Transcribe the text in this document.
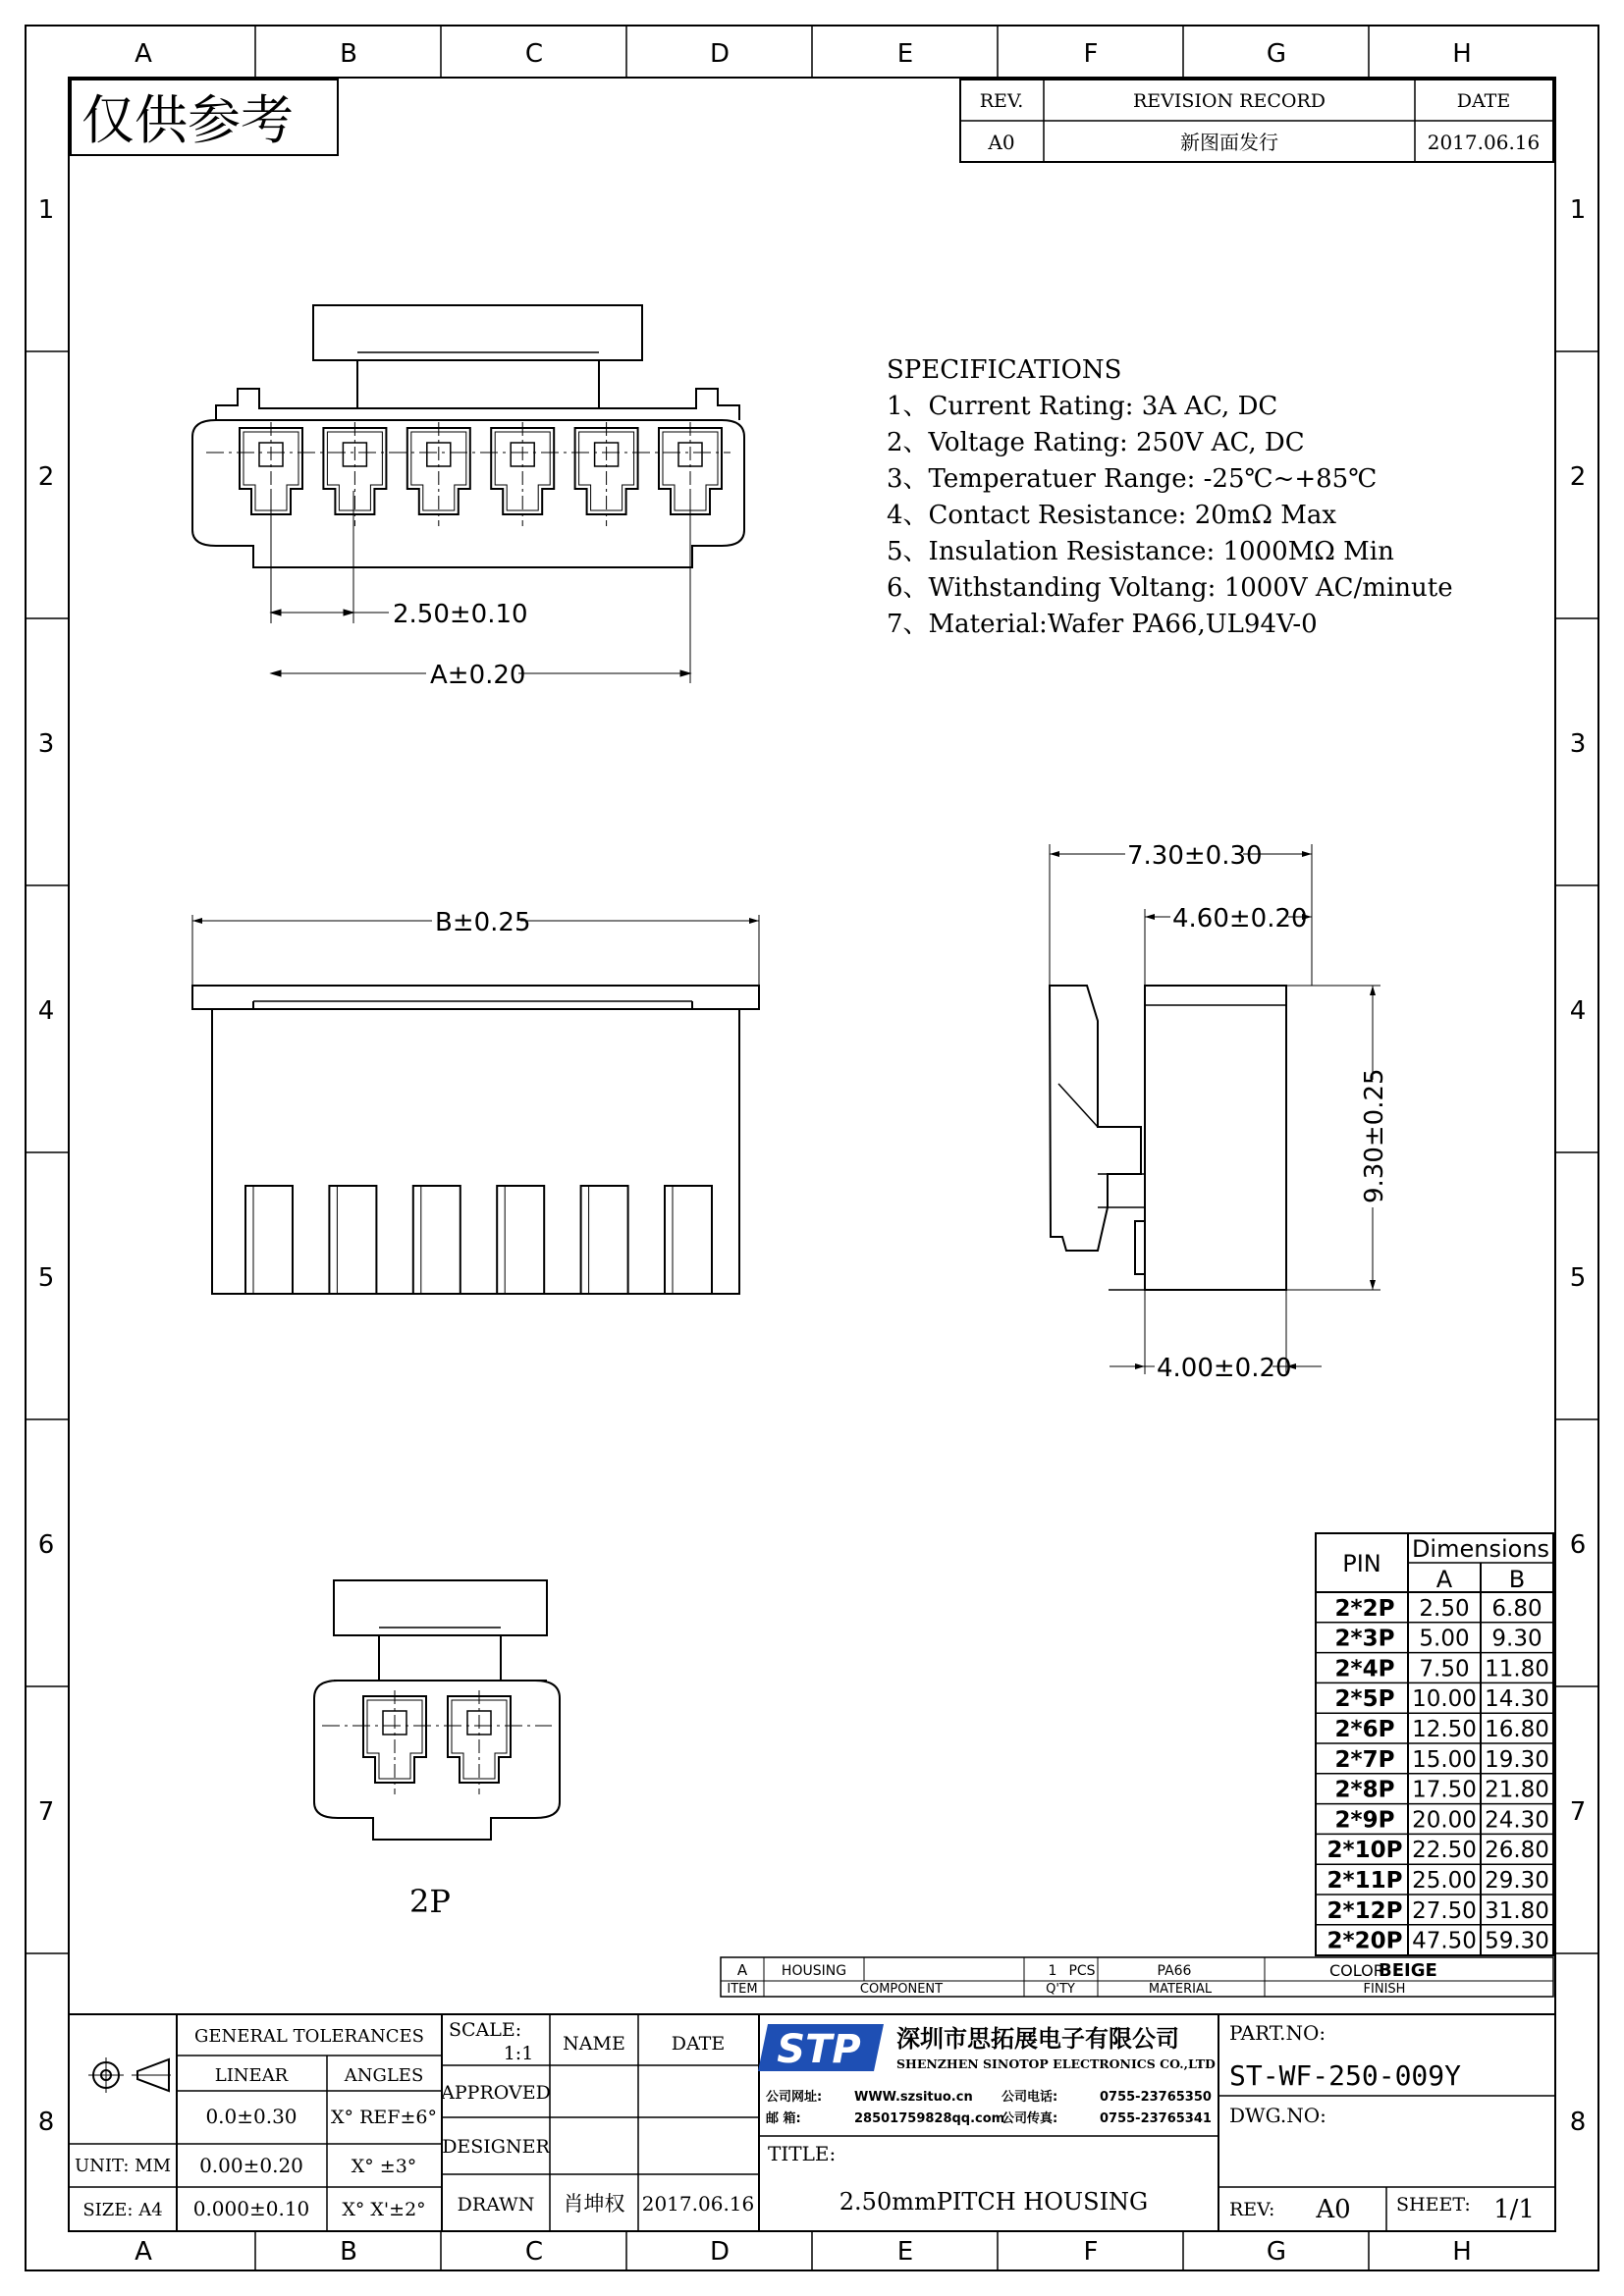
A	B	C	D	E	F	G	H
A	B	C	D	E	F	G	H
1
2
3
4
5
6
7
8
1
2
3
4
5
6
7
8
仅供参考	REV.	REVISION RECORD	DATE
A0	新图面发行	2017.06.16
SPECIFICATIONS
1、Current Rating: 3A AC, DC
2、Voltage Rating: 250V AC, DC
3、Temperatuer Range: -25℃~+85℃
4、Contact Resistance: 20mΩ Max
5、Insulation Resistance: 1000MΩ Min
6、Withstanding Voltang: 1000V AC/minute
7、Material:Wafer PA66,UL94V-0
2.50±0.10
A±0.20
B±0.25
7.30±0.30
4.60±0.20
9.30±0.25
4.00±0.20
2P
PIN
Dimensions
A B
2*2P 2.50 6.80
2*3P 5.00 9.30
2*4P 7.50 11.80
2*5P 10.00 14.30
2*6P 12.50 16.80
2*7P 15.00 19.30
2*8P 17.50 21.80
2*9P 20.00 24.30
2*10P 22.50 26.80
2*11P 25.00 29.30
2*12P 27.50 31.80
2*20P 47.50 59.30
A
ITEM
HOUSING
COMPONENT
1 PCS
Q'TY
PA66
MATERIAL
COLOR:
BEIGE
FINISH
GENERAL TOLERANCES
LINEAR	ANGLES
0.0±0.30 X° REF±6°
0.00±0.20	X° ±3°
0.000±0.10 X° X'±2°
UNIT: MM
SIZE: A4
SCALE:
1:1 NAME DATE
APPROVED
DESIGNER
DRAWN 肖坤权 2017.06.16
STP 深圳市思拓展电子有限公司
SHENZHEN SINOTOP ELECTRONICS CO.,LTD
公司网址:	WWW.szsituo.cn 公司电话:	0755-23765350
邮 箱:	28501759828qq.com
公司传真:	0755-23765341
TITLE:
2.50mmPITCH HOUSING
PART.NO:
ST-WF-250-009Y
DWG.NO:
REV: A0 SHEET: 1/1
